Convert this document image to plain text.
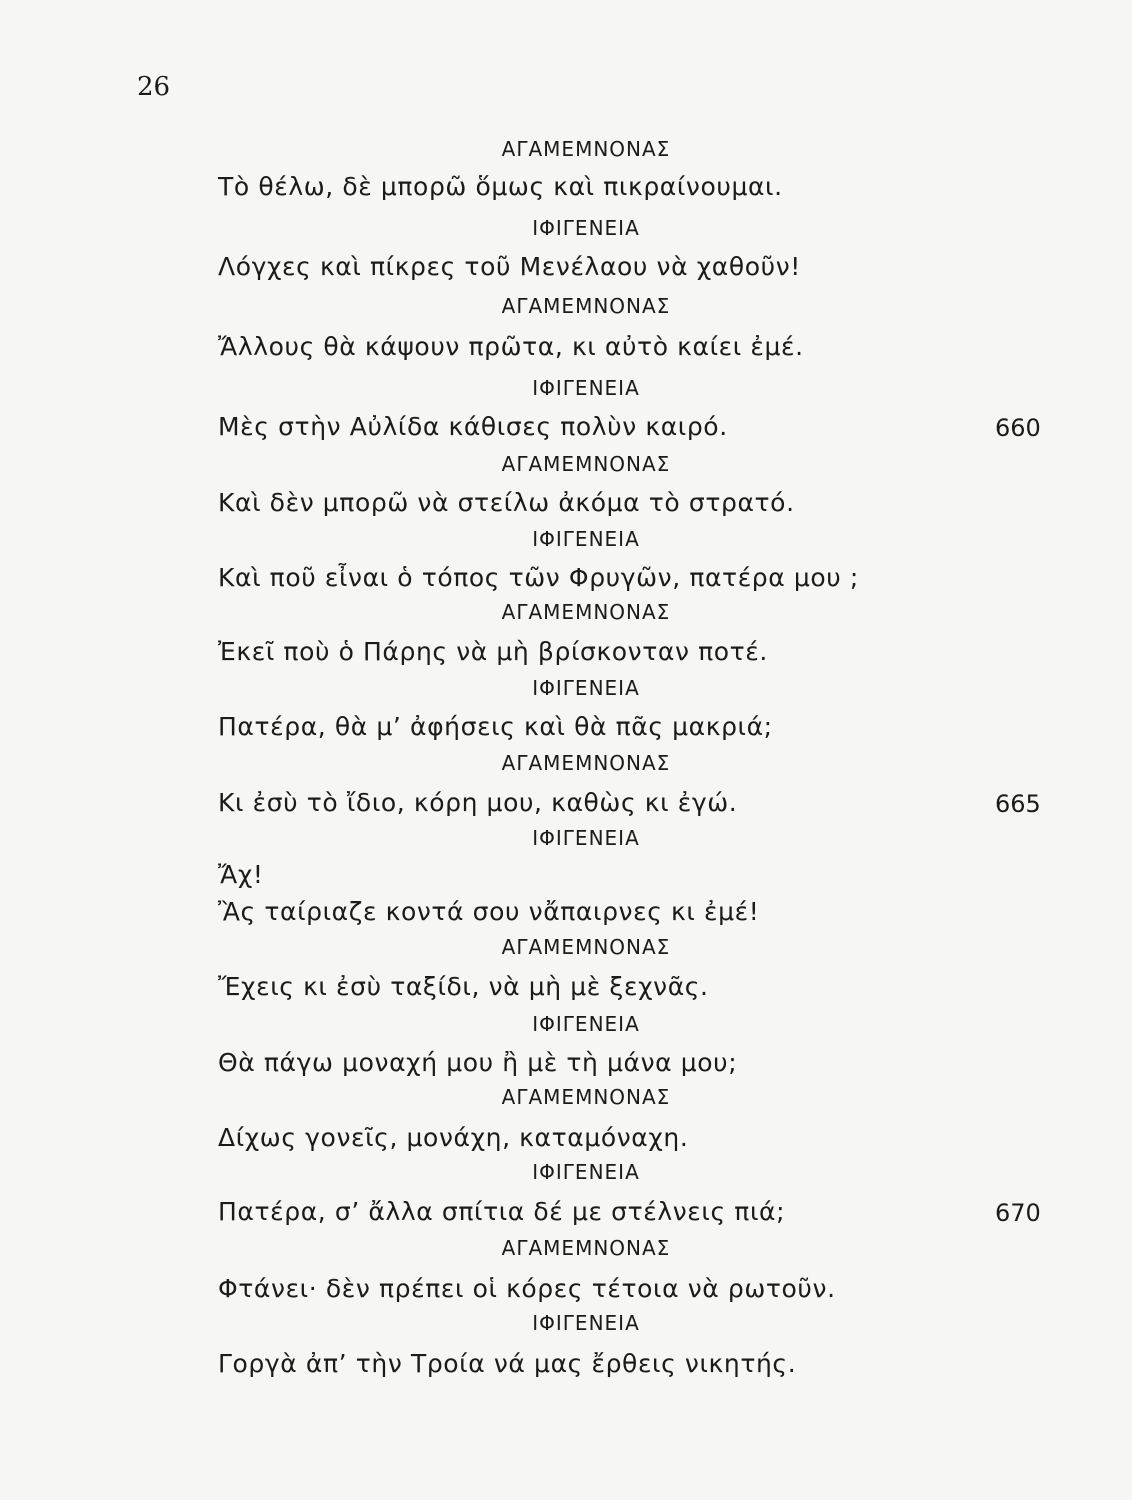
26
ΑΓΑΜΕΜΝΟΝΑΣ
Τὸ θέλω, δὲ μπορῶ ὅμως καὶ πικραίνουμαι.
ΙΦΙΓΕΝΕΙΑ
Λόγχες καὶ πίκρες τοῦ Μενέλαου νὰ χαθοῦν!
ΑΓΑΜΕΜΝΟΝΑΣ
Ἄλλους θὰ κάψουν πρῶτα, κι αὐτὸ καίει ἐμέ.
ΙΦΙΓΕΝΕΙΑ
Μὲς στὴν Αὐλίδα κάθισες πολὺν καιρό.	660
ΑΓΑΜΕΜΝΟΝΑΣ
Καὶ δὲν μπορῶ νὰ στείλω ἀκόμα τὸ στρατό.
ΙΦΙΓΕΝΕΙΑ
Καὶ ποῦ εἶναι ὁ τόπος τῶν Φρυγῶν, πατέρα μου ;
ΑΓΑΜΕΜΝΟΝΑΣ
Ἐκεῖ ποὺ ὁ Πάρης νὰ μὴ βρίσκονταν ποτέ.
ΙΦΙΓΕΝΕΙΑ
Πατέρα, θὰ μ’ ἀφήσεις καὶ θὰ πᾶς μακριά;
ΑΓΑΜΕΜΝΟΝΑΣ
Κι ἐσὺ τὸ ἴδιο, κόρη μου, καθὼς κι ἐγώ.	665
ΙΦΙΓΕΝΕΙΑ
Ἄχ!
Ἂς ταίριαζε κοντά σου νἄπαιρνες κι ἐμέ!
ΑΓΑΜΕΜΝΟΝΑΣ
Ἔχεις κι ἐσὺ ταξίδι, νὰ μὴ μὲ ξεχνᾶς.
ΙΦΙΓΕΝΕΙΑ
Θὰ πάγω μοναχή μου ἢ μὲ τὴ μάνα μου;
ΑΓΑΜΕΜΝΟΝΑΣ
Δίχως γονεῖς, μονάχη, καταμόναχη.
ΙΦΙΓΕΝΕΙΑ
Πατέρα, σ’ ἄλλα σπίτια δέ με στέλνεις πιά;	670
ΑΓΑΜΕΜΝΟΝΑΣ
Φτάνει· δὲν πρέπει οἱ κόρες τέτοια νὰ ρωτοῦν.
ΙΦΙΓΕΝΕΙΑ
Γοργὰ ἀπ’ τὴν Τροία νά μας ἔρθεις νικητής.
